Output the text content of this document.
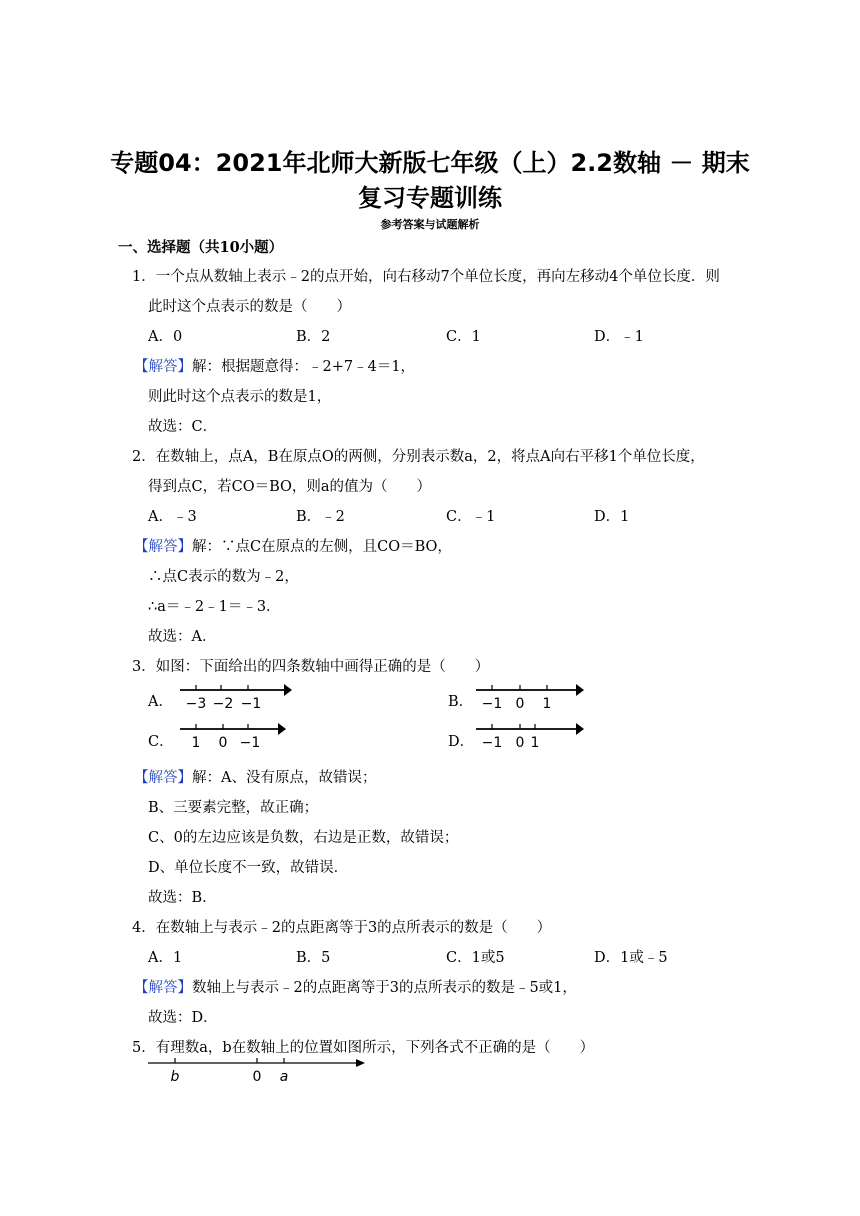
专题04：2021年北师大新版七年级（上）2.2数轴 － 期末复习专题训练
参考答案与试题解析
一、选择题（共10小题）
1．一个点从数轴上表示﹣2的点开始，向右移动7个单位长度，再向左移动4个单位长度．则
此时这个点表示的数是（　　）
A．0	B．2	C．1	D．﹣1
【解答】解：根据题意得：﹣2+7﹣4＝1，
则此时这个点表示的数是1，
故选：C．
2．在数轴上，点A，B在原点O的两侧，分别表示数a，2，将点A向右平移1个单位长度，
得到点C，若CO＝BO，则a的值为（　　）
A．﹣3	B．﹣2	C．﹣1	D．1
【解答】解：∵点C在原点的左侧，且CO＝BO，
∴点C表示的数为﹣2，
∴a＝﹣2﹣1＝﹣3．
故选：A．
3．如图：下面给出的四条数轴中画得正确的是（　　）
A． −3 −2 −1	B． −1 0 1
C． 1 0 −1	D． −1 0 1
【解答】解：A、没有原点，故错误；
B、三要素完整，故正确；
C、0的左边应该是负数，右边是正数，故错误；
D、单位长度不一致，故错误．
故选：B．
4．在数轴上与表示﹣2的点距离等于3的点所表示的数是（　　）
A．1	B．5	C．1或5	D．1或﹣5
【解答】数轴上与表示﹣2的点距离等于3的点所表示的数是﹣5或1，
故选：D．
5．有理数a，b在数轴上的位置如图所示，下列各式不正确的是（　　）
b	0 a
